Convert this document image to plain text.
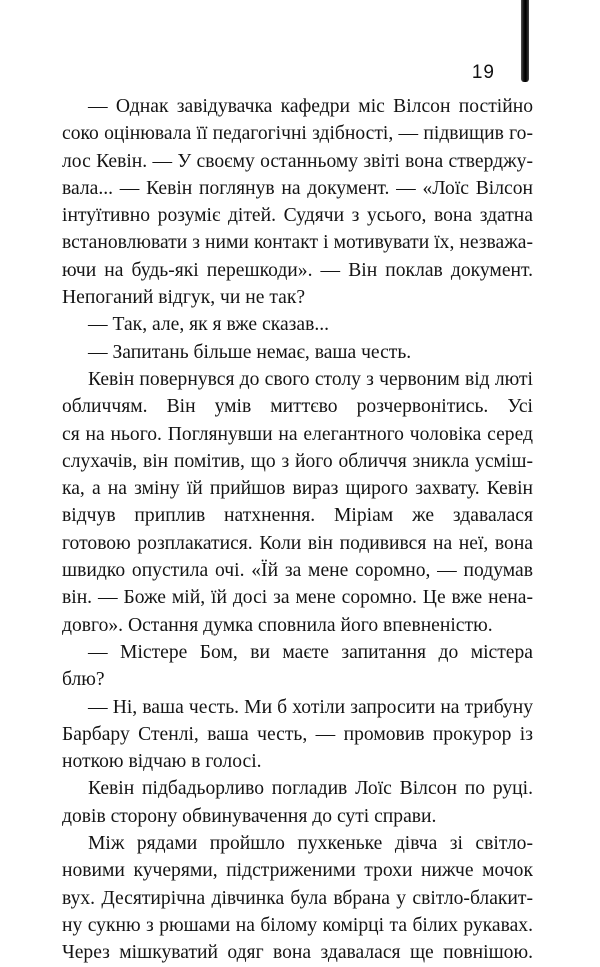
19
— Однак завідувачка кафедри міс Вілсон постійно
соко оцінювала її педагогічні здібності, — підвищив го-
лос Кевін. — У своєму останньому звіті вона стверджу-
вала... — Кевін поглянув на документ. — «Лоїс Вілсон
інтуїтивно розуміє дітей. Судячи з усього, вона здатна
встановлювати з ними контакт і мотивувати їх, незважа-
ючи на будь-які перешкоди». — Він поклав документ.
Непоганий відгук, чи не так?
— Так, але, як я вже сказав...
— Запитань більше немає, ваша честь.
Кевін повернувся до свого столу з червоним від люті
обличчям. Він умів миттєво розчервонітись. Усі
ся на нього. Поглянувши на елегантного чоловіка серед
слухачів, він помітив, що з його обличчя зникла усміш-
ка, а на зміну їй прийшов вираз щирого захвату. Кевін
відчув приплив натхнення. Міріам же здавалася
готовою розплакатися. Коли він подивився на неї, вона
швидко опустила очі. «Їй за мене соромно, — подумав
він. — Боже мій, їй досі за мене соромно. Це вже нена-
довго». Остання думка сповнила його впевненістю.
— Містере Бом, ви маєте запитання до містера
блю?
— Ні, ваша честь. Ми б хотіли запросити на трибуну
Барбару Стенлі, ваша честь, — промовив прокурор із
ноткою відчаю в голосі.
Кевін підбадьорливо погладив Лоїс Вілсон по руці.
довів сторону обвинувачення до суті справи.
Між рядами пройшло пухкеньке дівча зі світло-
новими кучерями, підстриженими трохи нижче мочок
вух. Десятирічна дівчинка була вбрана у світло-блакит-
ну сукню з рюшами на білому комірці та білих рукавах.
Через мішкуватий одяг вона здавалася ще повнішою.
